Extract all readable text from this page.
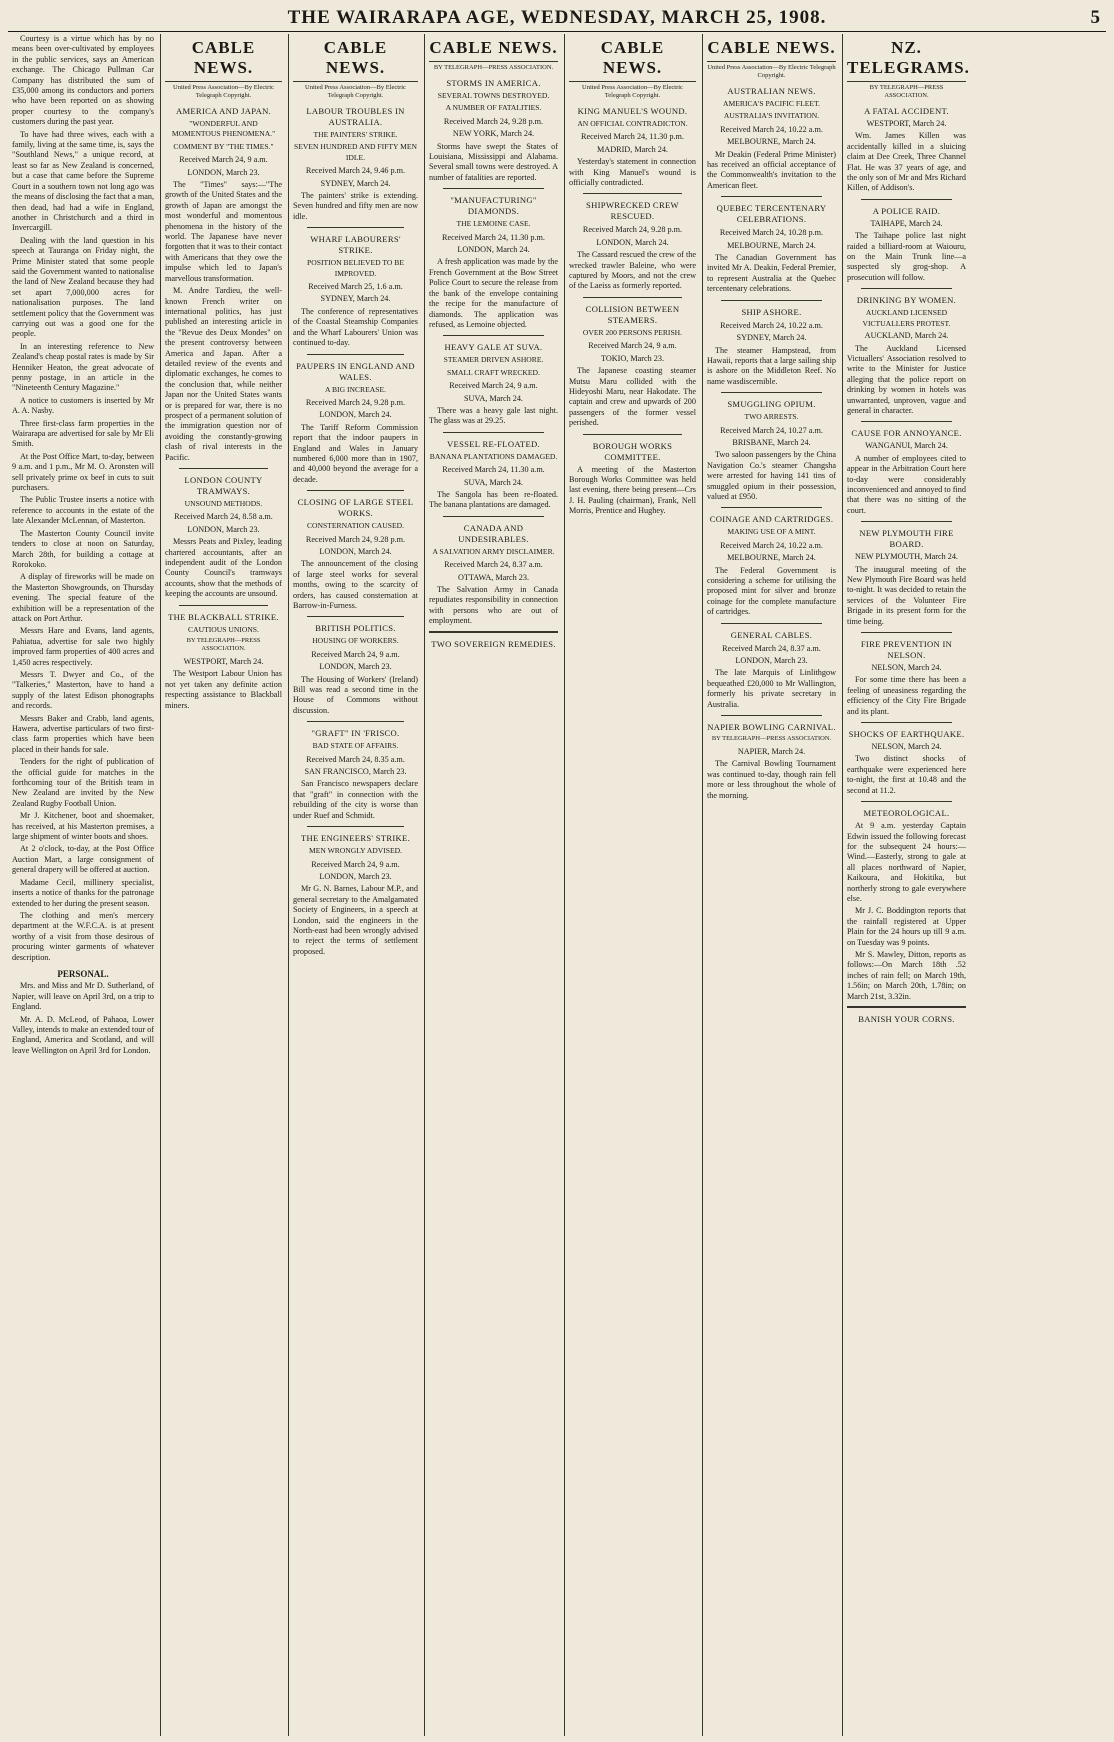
THE WAIRARAPA AGE, WEDNESDAY, MARCH 25, 1908.	5
Courtesy is a virtue which has by no means been over-cultivated by employees in the public services, says an American exchange. The Chicago Pullman Car Company has distributed the sum of £35,000 among its conductors and porters who have been reported on as showing proper courtesy to the company's customers during the past year.
To have had three wives, each with a family, living at the same time, is, says the "Southland News," a unique record, at least so far as New Zealand is concerned, but a case that came before the Supreme Court in a southern town not long ago was the means of disclosing the fact that a man, then dead, had had a wife in England, another in Christchurch and a third in Invercargill.
Dealing with the land question in his speech at Tauranga on Friday night, the Prime Minister stated that some people said the Government wanted to nationalise the land of New Zealand because they had set apart 7,000,000 acres for nationalisation purposes. The land settlement policy that the Government was carrying out was a good one for the people.
In an interesting reference to New Zealand's cheap postal rates is made by Sir Henniker Heaton, the great advocate of penny postage, in an article in the "Nineteenth Century Magazine."
A notice to customers is inserted by Mr A. A. Nasby.
Three first-class farm properties in the Wairarapa are advertised for sale by Mr Eli Smith.
At the Post Office Mart, to-day, between 9 a.m. and 1 p.m., Mr M. O. Aronsten will sell privately prime ox beef in cuts to suit purchasers.
The Public Trustee inserts a notice with reference to accounts in the estate of the late Alexander McLennan, of Masterton.
The Masterton County Council invite tenders to close at noon on Saturday, March 28th, for building a cottage at Rorokoko.
A display of fireworks will be made on the Masterton Showgrounds, on Thursday evening. The special feature of the exhibition will be a representation of the attack on Port Arthur.
Messrs Hare and Evans, land agents, Pahiatua, advertise for sale two highly improved farm properties of 400 acres and 1,450 acres respectively.
Messrs T. Dwyer and Co., of the "Talkeries," Masterton, have to hand a supply of the latest Edison phonographs and records.
Messrs Baker and Crabb, land agents, Hawera, advertise particulars of two first-class farm properties which have been placed in their hands for sale.
Tenders for the right of publication of the official guide for matches in the forthcoming tour of the British team in New Zealand are invited by the New Zealand Rugby Football Union.
Mr J. Kitchener, boot and shoemaker, has received, at his Masterton premises, a large shipment of winter boots and shoes.
At 2 o'clock, to-day, at the Post Office Auction Mart, a large consignment of general drapery will be offered at auction.
Madame Cecil, millinery specialist, inserts a notice of thanks for the patronage extended to her during the present season.
The clothing and men's mercery department at the W.F.C.A. is at present worthy of a visit from those desirous of procuring winter garments of whatever description.
PERSONAL.
Mrs. and Miss and Mr D. Sutherland, of Napier, will leave on April 3rd, on a trip to England.
Mr. A. D. McLeod, of Pahaoa, Lower Valley, intends to make an extended tour of England, America and Scotland, and will leave Wellington on April 3rd for London.
CABLE NEWS.
United Press Association—By Electric Telegraph Copyright.
AMERICA AND JAPAN.
"WONDERFUL AND MOMENTOUS PHENOMENA."
COMMENT BY "THE TIMES."
Received March 24, 9 a.m.
LONDON, March 23.
The "Times" says:—"The growth of the United States and the growth of Japan are amongst the most wonderful and momentous phenomena in the history of the world. The Japanese have never forgotten that it was to their contact with Americans that they owe the impulse which led to Japan's marvellous transformation.
M. Andre Tardieu, the well-known French writer on international politics, has just published an interesting article in the "Revue des Deux Mondes" on the present controversy between America and Japan. After a detailed review of the events and diplomatic exchanges, he comes to the conclusion that, while neither Japan nor the United States wants or is prepared for war, there is no prospect of a permanent solution of the immigration question nor of avoiding the constantly-growing clash of rival interests in the Pacific.
LONDON COUNTY TRAMWAYS.
UNSOUND METHODS.
Received March 24, 8.58 a.m.
LONDON, March 23.
Messrs Peats and Pixley, leading chartered accountants, after an independent audit of the London County Council's tramways accounts, show that the methods of keeping the accounts are unsound.
THE BLACKBALL STRIKE.
CAUTIOUS UNIONS.
BY TELEGRAPH—PRESS ASSOCIATION.
WESTPORT, March 24.
The Westport Labour Union has not yet taken any definite action respecting assistance to Blackball miners.
CABLE NEWS.
United Press Association—By Electric Telegraph Copyright.
LABOUR TROUBLES IN AUSTRALIA.
THE PAINTERS' STRIKE.
SEVEN HUNDRED AND FIFTY MEN IDLE.
Received March 24, 9.46 p.m.
SYDNEY, March 24.
The painters' strike is extending. Seven hundred and fifty men are now idle.
WHARF LABOURERS' STRIKE.
POSITION BELIEVED TO BE IMPROVED.
Received March 25, 1.6 a.m.
SYDNEY, March 24.
The conference of representatives of the Coastal Steamship Companies and the Wharf Labourers' Union was continued to-day.
PAUPERS IN ENGLAND AND WALES.
A BIG INCREASE.
Received March 24, 9.28 p.m.
LONDON, March 24.
The Tariff Reform Commission report that the indoor paupers in England and Wales in January numbered 6,000 more than in 1907, and 40,000 beyond the average for a decade.
CLOSING OF LARGE STEEL WORKS.
CONSTERNATION CAUSED.
Received March 24, 9.28 p.m.
LONDON, March 24.
The announcement of the closing of large steel works for several months, owing to the scarcity of orders, has caused consternation at Barrow-in-Furness.
BRITISH POLITICS.
HOUSING OF WORKERS.
Received March 24, 9 a.m.
LONDON, March 23.
The Housing of Workers' (Ireland) Bill was read a second time in the House of Commons without discussion.
"GRAFT" IN 'FRISCO.
BAD STATE OF AFFAIRS.
Received March 24, 8.35 a.m.
SAN FRANCISCO, March 23.
San Francisco newspapers declare that "graft" in connection with the rebuilding of the city is worse than under Ruef and Schmidt.
THE ENGINEERS' STRIKE.
MEN WRONGLY ADVISED.
Received March 24, 9 a.m.
LONDON, March 23.
Mr G. N. Barnes, Labour M.P., and general secretary to the Amalgamated Society of Engineers, in a speech at London, said the engineers in the North-east had been wrongly advised to reject the terms of settlement proposed.
CABLE NEWS.
BY TELEGRAPH—PRESS ASSOCIATION.
STORMS IN AMERICA.
SEVERAL TOWNS DESTROYED.
A NUMBER OF FATALITIES.
Received March 24, 9.28 p.m.
NEW YORK, March 24.
Storms have swept the States of Louisiana, Mississippi and Alabama. Several small towns were destroyed. A number of fatalities are reported.
"MANUFACTURING" DIAMONDS.
THE LEMOINE CASE.
Received March 24, 11.30 p.m.
LONDON, March 24.
A fresh application was made by the French Government at the Bow Street Police Court to secure the release from the bank of the envelope containing the recipe for the manufacture of diamonds. The application was refused, as Lemoine objected.
HEAVY GALE AT SUVA.
STEAMER DRIVEN ASHORE.
SMALL CRAFT WRECKED.
Received March 24, 9 a.m.
SUVA, March 24.
There was a heavy gale last night. The glass was at 29.25.
VESSEL RE-FLOATED.
BANANA PLANTATIONS DAMAGED.
Received March 24, 11.30 a.m.
SUVA, March 24.
The Sangola has been re-floated. The banana plantations are damaged.
CANADA AND UNDESIRABLES.
A SALVATION ARMY DISCLAIMER.
Received March 24, 8.37 a.m.
OTTAWA, March 23.
The Salvation Army in Canada repudiates responsibility in connection with persons who are out of employment.
TWO SOVEREIGN REMEDIES.
CABLE NEWS.
United Press Association—By Electric Telegraph Copyright.
KING MANUEL'S WOUND.
AN OFFICIAL CONTRADICTON.
Received March 24, 11.30 p.m.
MADRID, March 24.
Yesterday's statement in connection with King Manuel's wound is officially contradicted.
SHIPWRECKED CREW RESCUED.
Received March 24, 9.28 p.m.
LONDON, March 24.
The Cassard rescued the crew of the wrecked trawler Baleine, who were captured by Moors, and not the crew of the Laeiss as formerly reported.
COLLISION BETWEEN STEAMERS.
OVER 200 PERSONS PERISH.
Received March 24, 9 a.m.
TOKIO, March 23.
The Japanese coasting steamer Mutsu Maru collided with the Hideyoshi Maru, near Hakodate. The captain and crew and upwards of 200 passengers of the former vessel perished.
BOROUGH WORKS COMMITTEE.
A meeting of the Masterton Borough Works Committee was held last evening, there being present—Crs J. H. Pauling (chairman), Frank, Nell Morris, Prentice and Hughey.
CABLE NEWS.
United Press Association—By Electric Telegraph Copyright.
AUSTRALIAN NEWS.
AMERICA'S PACIFIC FLEET.
AUSTRALIA'S INVITATION.
Received March 24, 10.22 a.m.
MELBOURNE, March 24.
Mr Deakin (Federal Prime Minister) has received an official acceptance of the Commonwealth's invitation to the American fleet.
QUEBEC TERCENTENARY CELEBRATIONS.
Received March 24, 10.28 p.m.
MELBOURNE, March 24.
The Canadian Government has invited Mr A. Deakin, Federal Premier, to represent Australia at the Quebec tercentenary celebrations.
SHIP ASHORE.
Received March 24, 10.22 a.m.
SYDNEY, March 24.
The steamer Hampstead, from Hawaii, reports that a large sailing ship is ashore on the Middleton Reef. No name wasdiscernible.
SMUGGLING OPIUM.
TWO ARRESTS.
Received March 24, 10.27 a.m.
BRISBANE, March 24.
Two saloon passengers by the China Navigation Co.'s steamer Changsha were arrested for having 141 tins of smuggled opium in their possession, valued at £950.
COINAGE AND CARTRIDGES.
MAKING USE OF A MINT.
Received March 24, 10.22 a.m.
MELBOURNE, March 24.
The Federal Government is considering a scheme for utilising the proposed mint for silver and bronze coinage for the complete manufacture of cartridges.
GENERAL CABLES.
Received March 24, 8.37 a.m.
LONDON, March 23.
The late Marquis of Linlithgow bequeathed £20,000 to Mr Wallington, formerly his private secretary in Australia.
NAPIER BOWLING CARNIVAL.
BY TELEGRAPH—PRESS ASSOCIATION.
NAPIER, March 24.
The Carnival Bowling Tournament was continued to-day, though rain fell more or less throughout the whole of the morning.
NZ. TELEGRAMS.
BY TELEGRAPH—PRESS ASSOCIATION.
A FATAL ACCIDENT.
WESTPORT, March 24.
Wm. James Killen was accidentally killed in a sluicing claim at Dee Creek, Three Channel Flat. He was 37 years of age, and the only son of Mr and Mrs Richard Killen, of Addison's.
A POLICE RAID.
TAIHAPE, March 24.
The Taihape police last night raided a billiard-room at Waiouru, on the Main Trunk line—a suspected sly grog-shop. A prosecution will follow.
DRINKING BY WOMEN.
AUCKLAND LICENSED VICTUALLERS PROTEST.
AUCKLAND, March 24.
The Auckland Licensed Victuallers' Association resolved to write to the Minister for Justice alleging that the police report on drinking by women in hotels was unwarranted, unproven, vague and general in character.
CAUSE FOR ANNOYANCE.
WANGANUI, March 24.
A number of employees cited to appear in the Arbitration Court here to-day were considerably inconvenienced and annoyed to find that there was no sitting of the court.
NEW PLYMOUTH FIRE BOARD.
NEW PLYMOUTH, March 24.
The inaugural meeting of the New Plymouth Fire Board was held to-night. It was decided to retain the services of the Volunteer Fire Brigade in its present form for the time being.
FIRE PREVENTION IN NELSON.
NELSON, March 24.
For some time there has been a feeling of uneasiness regarding the efficiency of the City Fire Brigade and its plant.
SHOCKS OF EARTHQUAKE.
NELSON, March 24.
Two distinct shocks of earthquake were experienced here to-night, the first at 10.48 and the second at 11.2.
METEOROLOGICAL.
At 9 a.m. yesterday Captain Edwin issued the following forecast for the subsequent 24 hours:—Wind.—Easterly, strong to gale at all places northward of Napier, Kaikoura, and Hokitika, but northerly strong to gale everywhere else.
Mr J. C. Boddington reports that the rainfall registered at Upper Plain for the 24 hours up till 9 a.m. on Tuesday was 9 points.
Mr S. Mawley, Ditton, reports as follows:—On March 18th .52 inches of rain fell; on March 19th, 1.56in; on March 20th, 1.78in; on March 21st, 3.32in.
BANISH YOUR CORNS.
